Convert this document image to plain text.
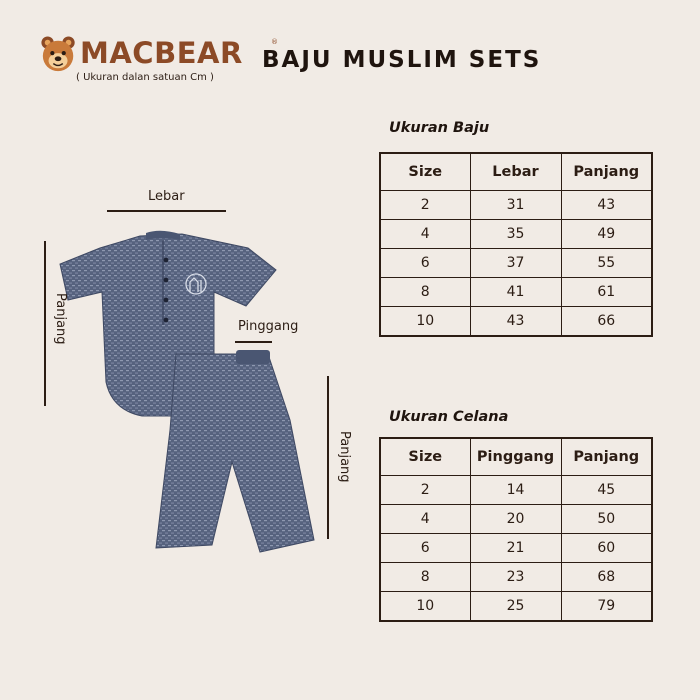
MACBEAR	®
( Ukuran dalan satuan Cm )
BAJU MUSLIM SETS
Lebar
Panjang	Pinggang
Panjang
Ukuran Baju
Size	Lebar	Panjang
2	31	43
4	35	49
6	37	55
8	41	61
10	43	66
Ukuran Celana
Size	Pinggang	Panjang
2	14	45
4	20	50
6	21	60
8	23	68
10	25	79
